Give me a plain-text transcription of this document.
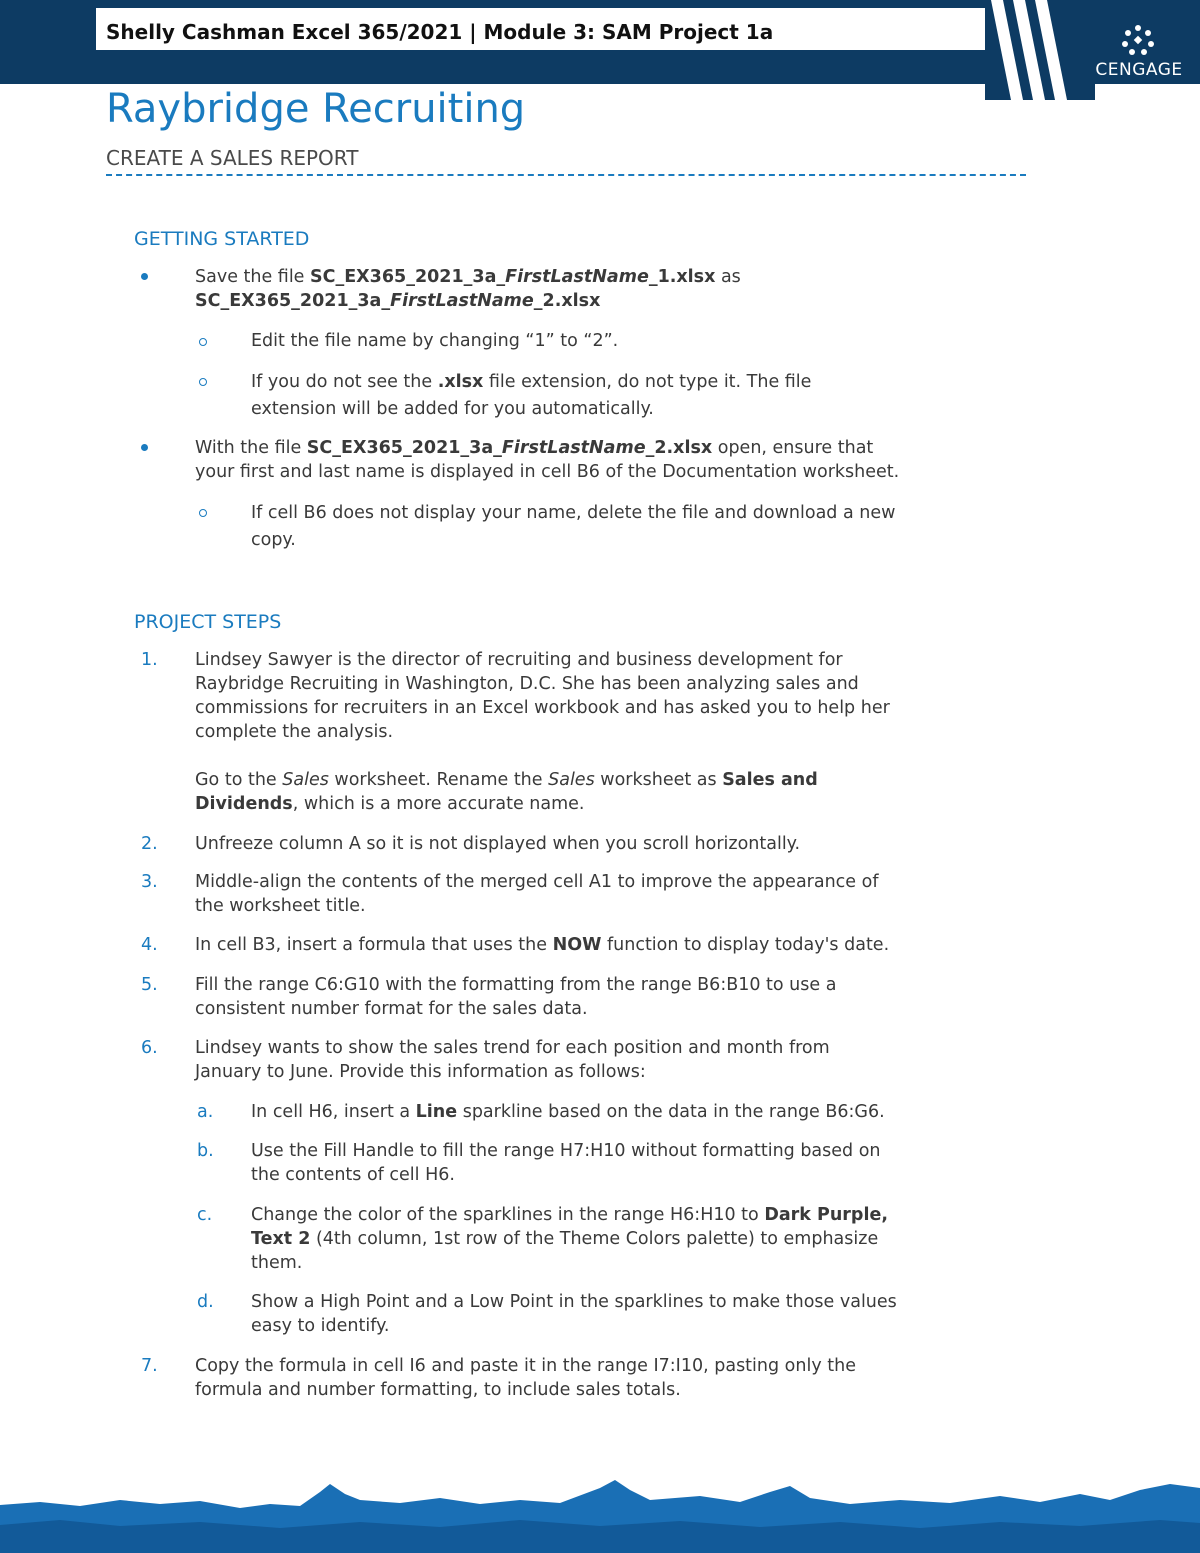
Shelly Cashman Excel 365/2021 | Module 3: SAM Project 1a
CENGAGE
Raybridge Recruiting
CREATE A SALES REPORT
GETTING STARTED
Save the file SC_EX365_2021_3a_FirstLastName_1.xlsx as
SC_EX365_2021_3a_FirstLastName_2.xlsx
Edit the file name by changing “1” to “2”.
If you do not see the .xlsx file extension, do not type it. The file
extension will be added for you automatically.
With the file SC_EX365_2021_3a_FirstLastName_2.xlsx open, ensure that
your first and last name is displayed in cell B6 of the Documentation worksheet.
If cell B6 does not display your name, delete the file and download a new
copy.
PROJECT STEPS
1. Lindsey Sawyer is the director of recruiting and business development for
Raybridge Recruiting in Washington, D.C. She has been analyzing sales and
commissions for recruiters in an Excel workbook and has asked you to help her
complete the analysis.
Go to the Sales worksheet. Rename the Sales worksheet as Sales and
Dividends, which is a more accurate name.
2. Unfreeze column A so it is not displayed when you scroll horizontally.
3. Middle-align the contents of the merged cell A1 to improve the appearance of
the worksheet title.
4. In cell B3, insert a formula that uses the NOW function to display today's date.
5. Fill the range C6:G10 with the formatting from the range B6:B10 to use a
consistent number format for the sales data.
6. Lindsey wants to show the sales trend for each position and month from
January to June. Provide this information as follows:
a. In cell H6, insert a Line sparkline based on the data in the range B6:G6.
b. Use the Fill Handle to fill the range H7:H10 without formatting based on
the contents of cell H6.
c. Change the color of the sparklines in the range H6:H10 to Dark Purple,
Text 2 (4th column, 1st row of the Theme Colors palette) to emphasize
them.
d. Show a High Point and a Low Point in the sparklines to make those values
easy to identify.
7. Copy the formula in cell I6 and paste it in the range I7:I10, pasting only the
formula and number formatting, to include sales totals.
